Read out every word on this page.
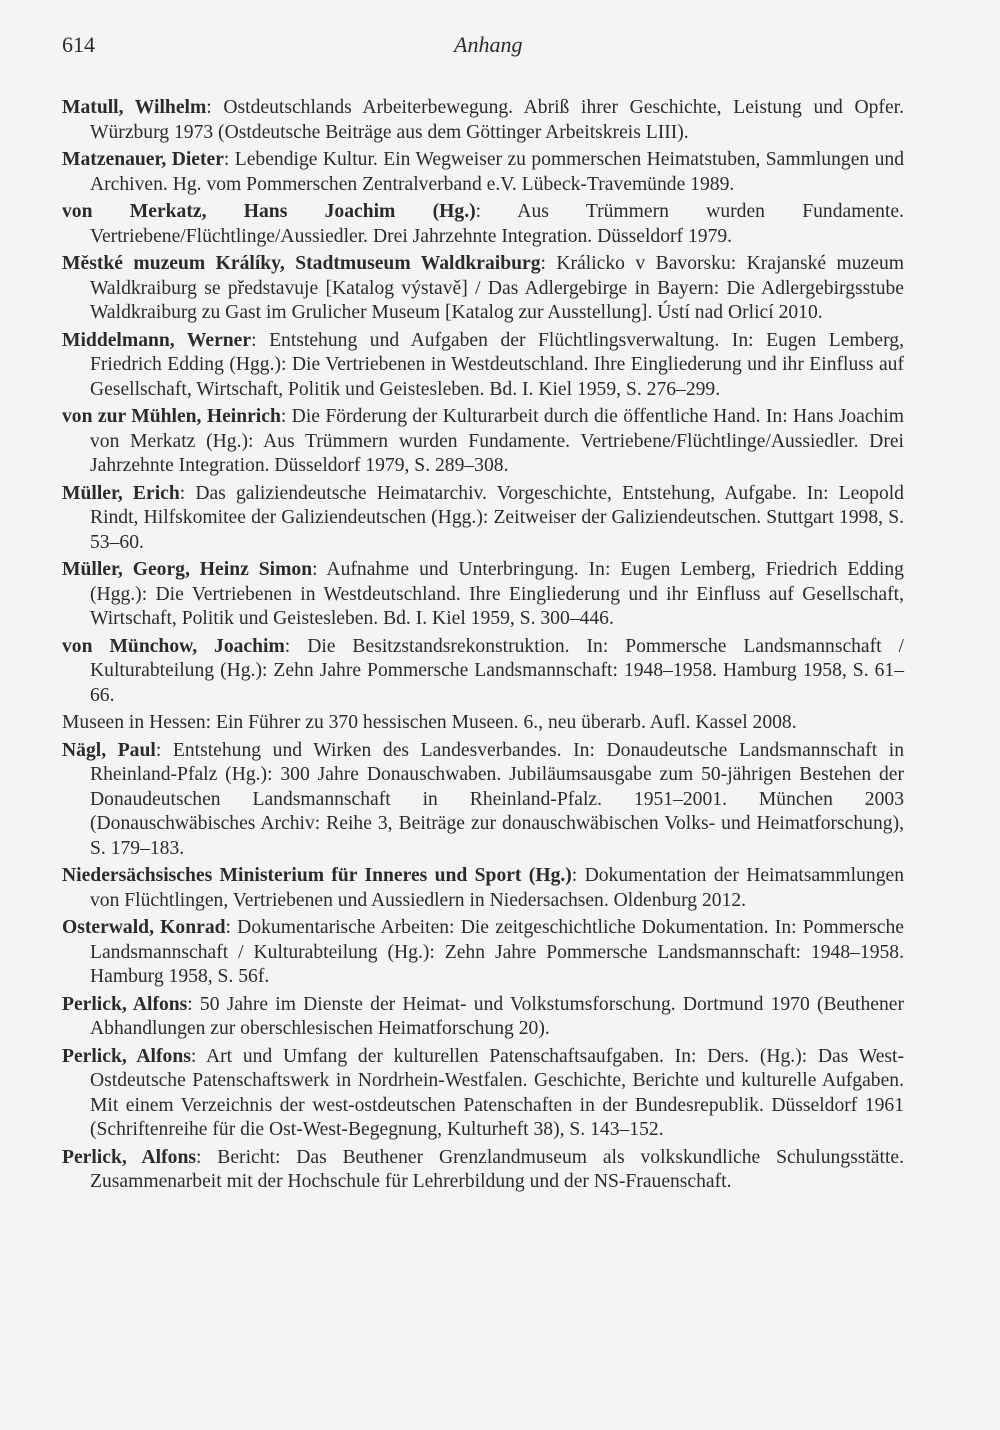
614	Anhang

Matull, Wilhelm: Ostdeutschlands Arbeiterbewegung. Abriß ihrer Geschichte, Leistung und Opfer. Würzburg 1973 (Ostdeutsche Beiträge aus dem Göttinger Arbeitskreis LIII).

Matzenauer, Dieter: Lebendige Kultur. Ein Wegweiser zu pommerschen Heimatstuben, Sammlungen und Archiven. Hg. vom Pommerschen Zentralverband e.V. Lübeck-Travemünde 1989.

von Merkatz, Hans Joachim (Hg.): Aus Trümmern wurden Fundamente. Vertriebene/Flüchtlinge/Aussiedler. Drei Jahrzehnte Integration. Düsseldorf 1979.

Městké muzeum Králíky, Stadtmuseum Waldkraiburg: Králicko v Bavorsku: Krajanské muzeum Waldkraiburg se představuje [Katalog výstavě] / Das Adlergebirge in Bayern: Die Adlergebirgsstube Waldkraiburg zu Gast im Grulicher Museum [Katalog zur Ausstellung]. Ústí nad Orlicí 2010.

Middelmann, Werner: Entstehung und Aufgaben der Flüchtlingsverwaltung. In: Eugen Lemberg, Friedrich Edding (Hgg.): Die Vertriebenen in Westdeutschland. Ihre Eingliederung und ihr Einfluss auf Gesellschaft, Wirtschaft, Politik und Geistesleben. Bd. I. Kiel 1959, S. 276–299.

von zur Mühlen, Heinrich: Die Förderung der Kulturarbeit durch die öffentliche Hand. In: Hans Joachim von Merkatz (Hg.): Aus Trümmern wurden Fundamente. Vertriebene/Flüchtlinge/Aussiedler. Drei Jahrzehnte Integration. Düsseldorf 1979, S. 289–308.

Müller, Erich: Das galiziendeutsche Heimatarchiv. Vorgeschichte, Entstehung, Aufgabe. In: Leopold Rindt, Hilfskomitee der Galiziendeutschen (Hgg.): Zeitweiser der Galiziendeutschen. Stuttgart 1998, S. 53–60.

Müller, Georg, Heinz Simon: Aufnahme und Unterbringung. In: Eugen Lemberg, Friedrich Edding (Hgg.): Die Vertriebenen in Westdeutschland. Ihre Eingliederung und ihr Einfluss auf Gesellschaft, Wirtschaft, Politik und Geistesleben. Bd. I. Kiel 1959, S. 300–446.

von Münchow, Joachim: Die Besitzstandsrekonstruktion. In: Pommersche Landsmannschaft / Kulturabteilung (Hg.): Zehn Jahre Pommersche Landsmannschaft: 1948–1958. Hamburg 1958, S. 61–66.

Museen in Hessen: Ein Führer zu 370 hessischen Museen. 6., neu überarb. Aufl. Kassel 2008.

Nägl, Paul: Entstehung und Wirken des Landesverbandes. In: Donaudeutsche Landsmannschaft in Rheinland-Pfalz (Hg.): 300 Jahre Donauschwaben. Jubiläumsausgabe zum 50-jährigen Bestehen der Donaudeutschen Landsmannschaft in Rheinland-Pfalz. 1951–2001. München 2003 (Donauschwäbisches Archiv: Reihe 3, Beiträge zur donauschwäbischen Volks- und Heimatforschung), S. 179–183.

Niedersächsisches Ministerium für Inneres und Sport (Hg.): Dokumentation der Heimatsammlungen von Flüchtlingen, Vertriebenen und Aussiedlern in Niedersachsen. Oldenburg 2012.

Osterwald, Konrad: Dokumentarische Arbeiten: Die zeitgeschichtliche Dokumentation. In: Pommersche Landsmannschaft / Kulturabteilung (Hg.): Zehn Jahre Pommersche Landsmannschaft: 1948–1958. Hamburg 1958, S. 56f.

Perlick, Alfons: 50 Jahre im Dienste der Heimat- und Volkstumsforschung. Dortmund 1970 (Beuthener Abhandlungen zur oberschlesischen Heimatforschung 20).

Perlick, Alfons: Art und Umfang der kulturellen Patenschaftsaufgaben. In: Ders. (Hg.): Das West-Ostdeutsche Patenschaftswerk in Nordrhein-Westfalen. Geschichte, Berichte und kulturelle Aufgaben. Mit einem Verzeichnis der west-ostdeutschen Patenschaften in der Bundesrepublik. Düsseldorf 1961 (Schriftenreihe für die Ost-West-Begegnung, Kulturheft 38), S. 143–152.

Perlick, Alfons: Bericht: Das Beuthener Grenzlandmuseum als volkskundliche Schulungsstätte. Zusammenarbeit mit der Hochschule für Lehrerbildung und der NS-Frauenschaft.
